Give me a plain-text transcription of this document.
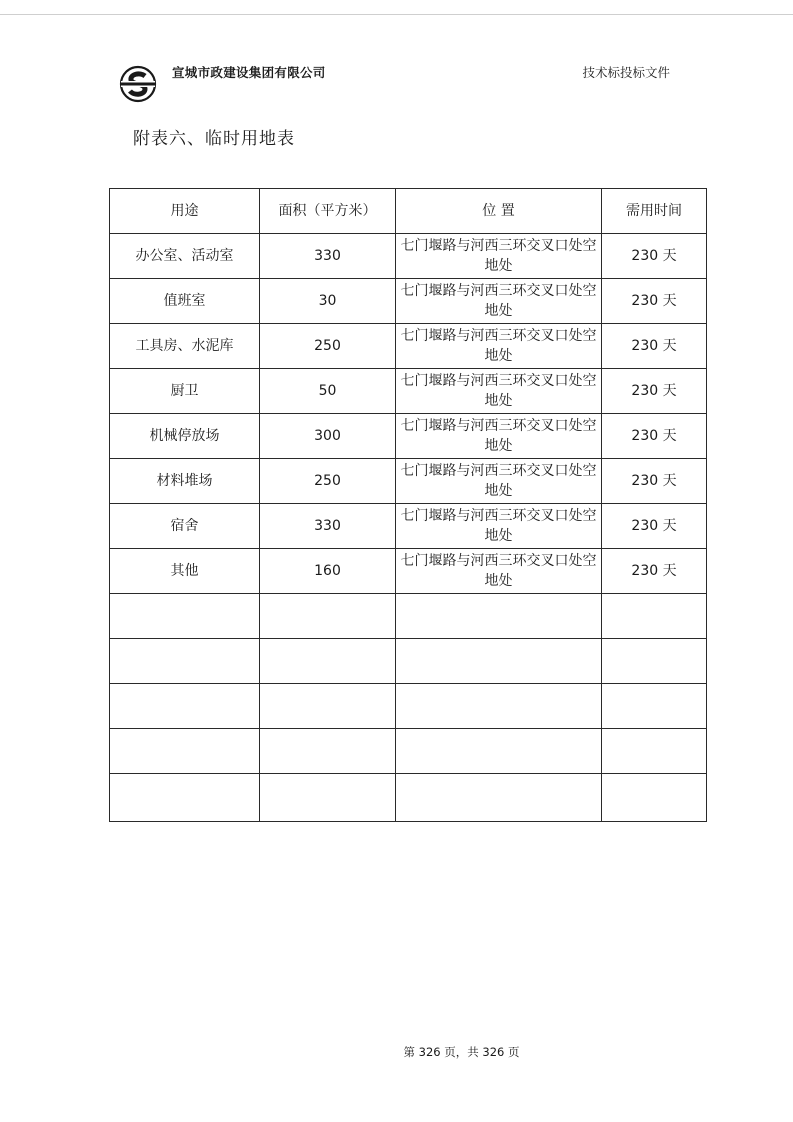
宣城市政建设集团有限公司	技术标投标文件
附表六、临时用地表
用途	面积（平方米）	位 置	需用时间
办公室、活动室	330	七门堰路与河西三环交叉口处空地处	230 天
值班室	30	七门堰路与河西三环交叉口处空地处	230 天
工具房、水泥库	250	七门堰路与河西三环交叉口处空地处	230 天
厨卫	50	七门堰路与河西三环交叉口处空地处	230 天
机械停放场	300	七门堰路与河西三环交叉口处空地处	230 天
材料堆场	250	七门堰路与河西三环交叉口处空地处	230 天
宿舍	330	七门堰路与河西三环交叉口处空地处	230 天
其他	160	七门堰路与河西三环交叉口处空地处	230 天

第 326 页，共 326 页
